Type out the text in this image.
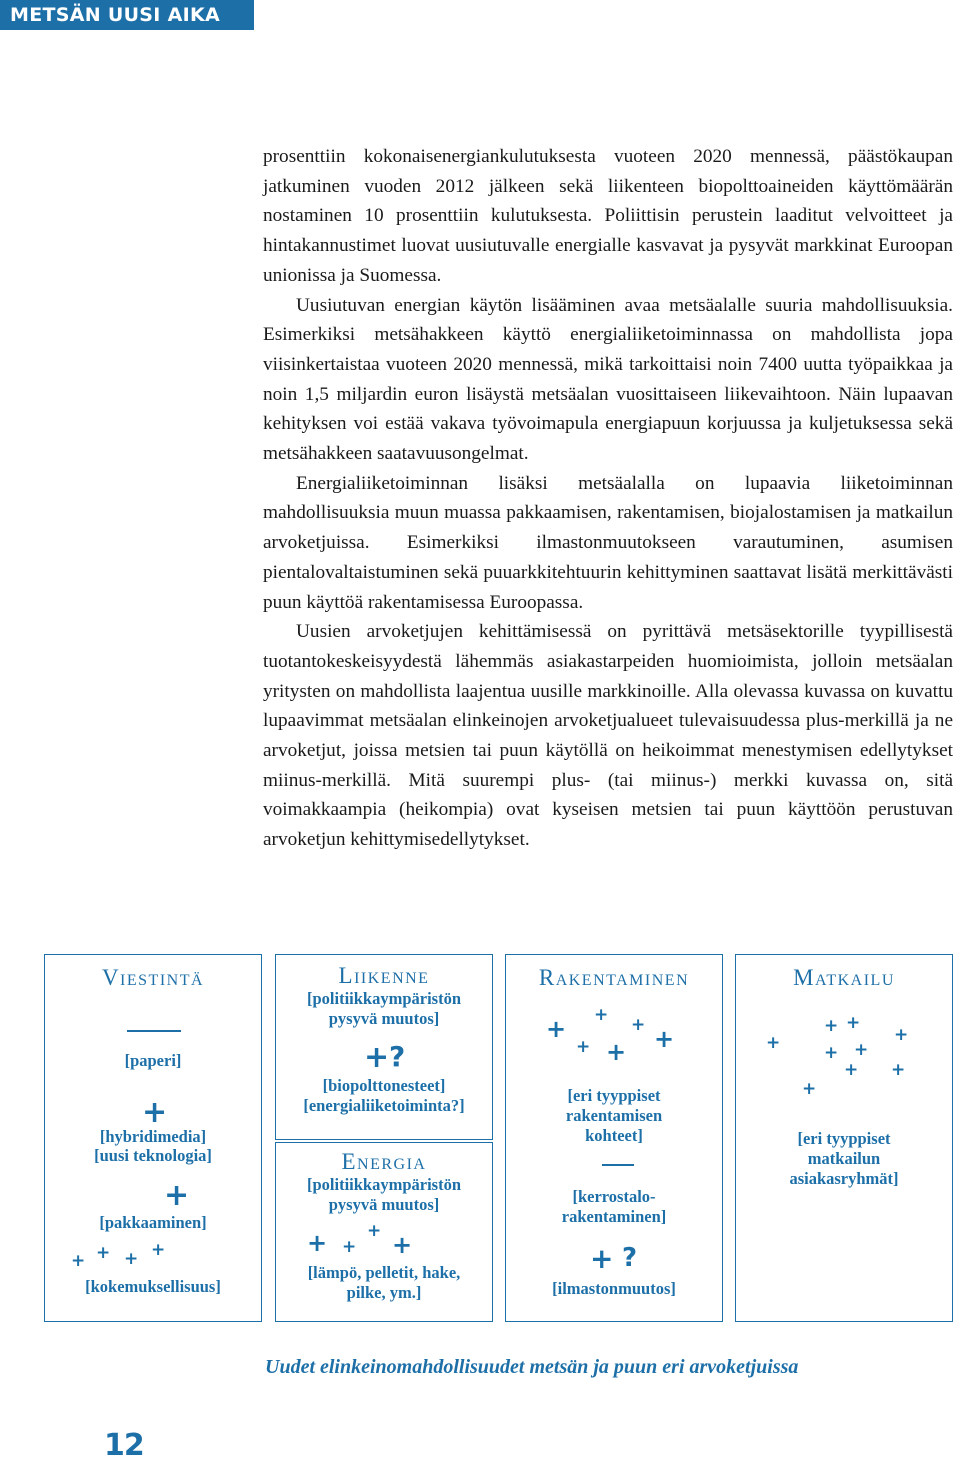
METSÄN UUSI AIKA

prosenttiin kokonaisenergiankulutuksesta vuoteen 2020 mennessä, päästökaupan jatkuminen vuoden 2012 jälkeen sekä liikenteen biopolttoaineiden käyttömäärän nostaminen 10 prosenttiin kulutuksesta. Poliittisin perustein laaditut velvoitteet ja hintakannustimet luovat uusiutuvalle energialle kasvavat ja pysyvät markkinat Euroopan unionissa ja Suomessa.

Uusiutuvan energian käytön lisääminen avaa metsäalalle suuria mahdollisuuksia. Esimerkiksi metsähakkeen käyttö energialiiketoiminnassa on mahdollista jopa viisinkertaistaa vuoteen 2020 mennessä, mikä tarkoittaisi noin 7400 uutta työpaikkaa ja noin 1,5 miljardin euron lisäystä metsäalan vuosittaiseen liikevaihtoon. Näin lupaavan kehityksen voi estää vakava työvoimapula energiapuun korjuussa ja kuljetuksessa sekä metsähakkeen saatavuusongelmat.

Energialiiketoiminnan lisäksi metsäalalla on lupaavia liiketoiminnan mahdollisuuksia muun muassa pakkaamisen, rakentamisen, biojalostamisen ja matkailun arvoketjuissa. Esimerkiksi ilmastonmuutokseen varautuminen, asumisen pientalovaltaistuminen sekä puuarkkitehtuurin kehittyminen saattavat lisätä merkittävästi puun käyttöä rakentamisessa Euroopassa.

Uusien arvoketjujen kehittämisessä on pyrittävä metsäsektorille tyypillisestä tuotantokeskeisyydestä lähemmäs asiakastarpeiden huomioimista, jolloin metsäalan yritysten on mahdollista laajentua uusille markkinoille. Alla olevassa kuvassa on kuvattu lupaavimmat metsäalan elinkeinojen arvoketjualueet tulevaisuudessa plus-merkillä ja ne arvoketjut, joissa metsien tai puun käytöllä on heikoimmat menestymisen edellytykset miinus-merkillä. Mitä suurempi plus- (tai miinus-) merkki kuvassa on, sitä voimakkaampia (heikompia) ovat kyseisen metsien tai puun käyttöön perustuvan arvoketjun kehittymisedellytykset.

Viestintä
[paperi]
+
[hybridimedia]
[uusi teknologia]
+
[pakkaaminen]
+ + + +
[kokemuksellisuus]
Liikenne
[politiikkaympäristön
pysyvä muutos]
+ ?
[biopolttonesteet]
[energialiiketoiminta?]
Energia
[politiikkaympäristön
pysyvä muutos]
+ +
+ +
[lämpö, pelletit, hake,
pilke, ym.]
Rakentaminen
+ + + +
+ +
[eri tyyppiset
rakentamisen
kohteet]
[kerrostalo-
rakentaminen]
+ ?
[ilmastonmuutos]
Matkailu
+ +
+
+	+ +
+ +
+
[eri tyyppiset
matkailun
asiakasryhmät]
Uudet elinkeinomahdollisuudet metsän ja puun eri arvoketjuissa
12
